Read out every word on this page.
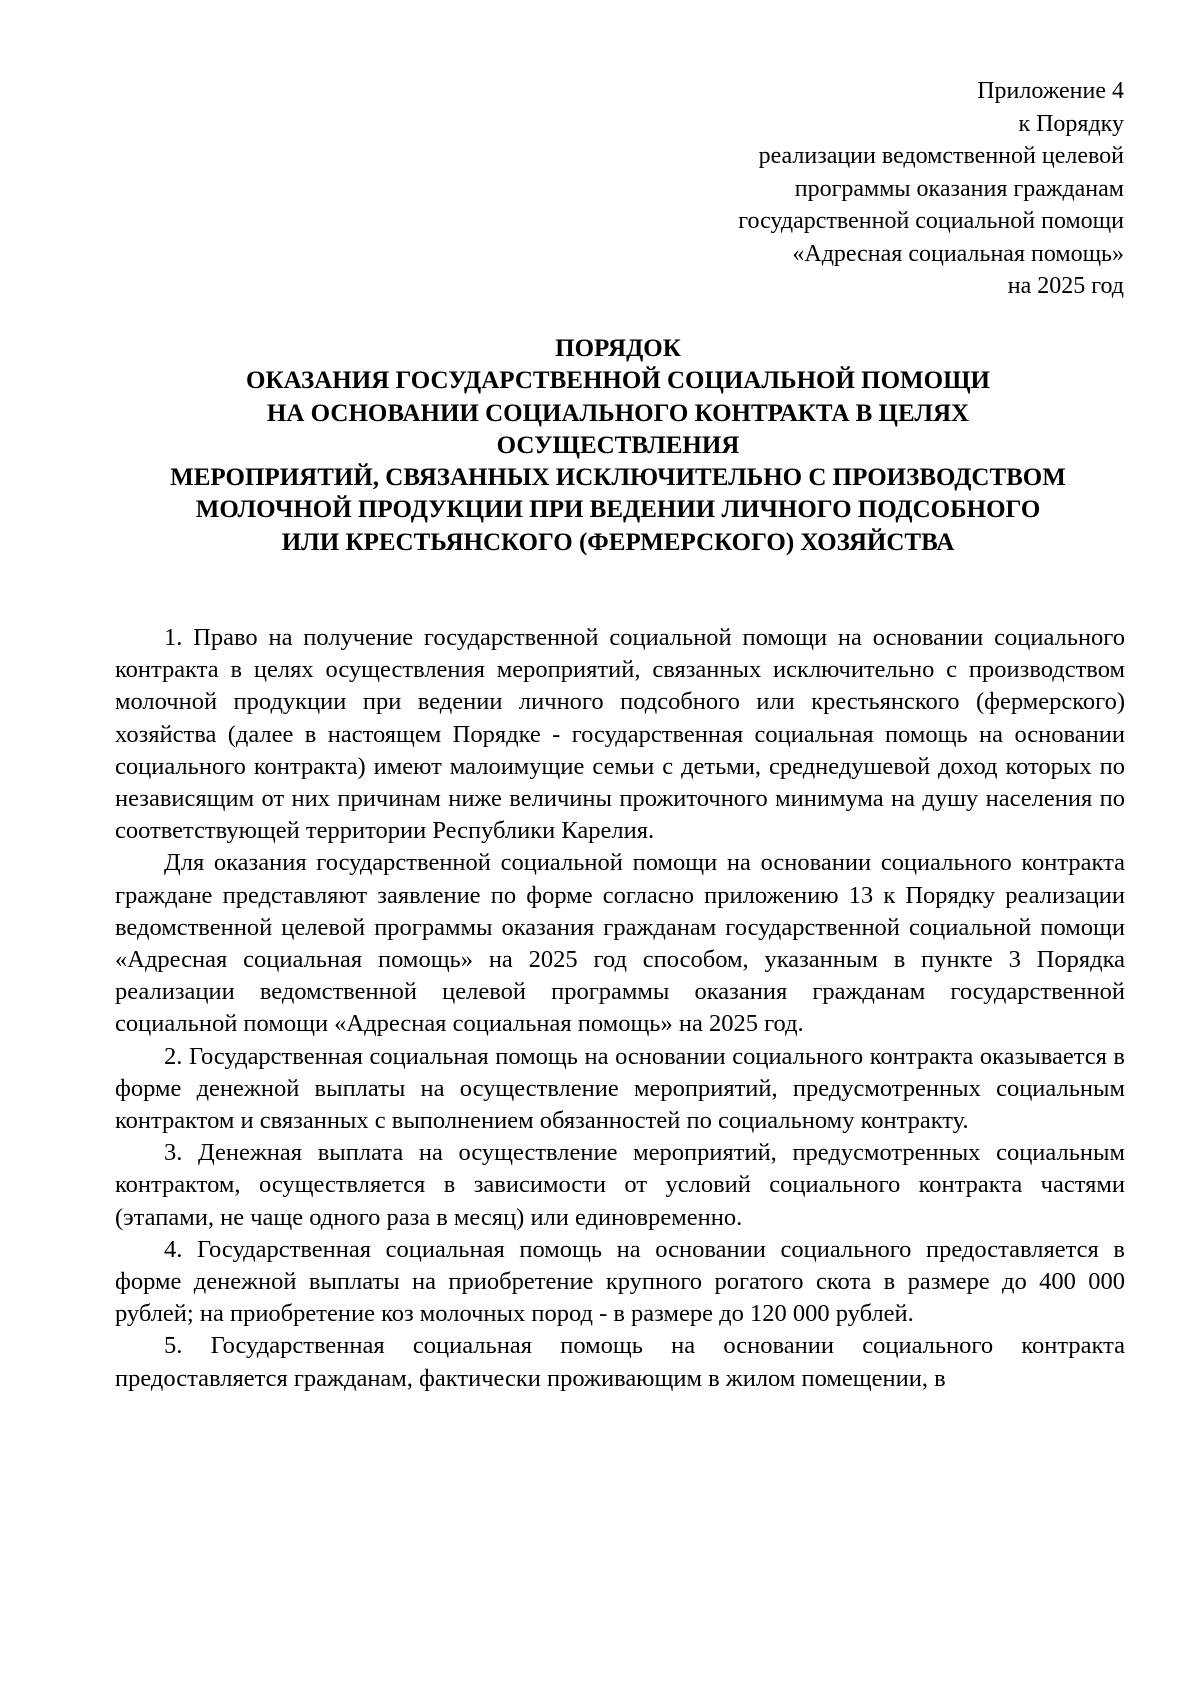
Приложение 4
к Порядку
реализации ведомственной целевой
программы оказания гражданам
государственной социальной помощи
«Адресная социальная помощь»
на 2025 год
ПОРЯДОК
ОКАЗАНИЯ ГОСУДАРСТВЕННОЙ СОЦИАЛЬНОЙ ПОМОЩИ
НА ОСНОВАНИИ СОЦИАЛЬНОГО КОНТРАКТА В ЦЕЛЯХ
ОСУЩЕСТВЛЕНИЯ
МЕРОПРИЯТИЙ, СВЯЗАННЫХ ИСКЛЮЧИТЕЛЬНО С ПРОИЗВОДСТВОМ
МОЛОЧНОЙ ПРОДУКЦИИ ПРИ ВЕДЕНИИ ЛИЧНОГО ПОДСОБНОГО
ИЛИ КРЕСТЬЯНСКОГО (ФЕРМЕРСКОГО) ХОЗЯЙСТВА

1. Право на получение государственной социальной помощи на основании социального контракта в целях осуществления мероприятий, связанных исключительно с производством молочной продукции при ведении личного подсобного или крестьянского (фермерского) хозяйства (далее в настоящем Порядке - государственная социальная помощь на основании социального контракта) имеют малоимущие семьи с детьми, среднедушевой доход которых по независящим от них причинам ниже величины прожиточного минимума на душу населения по соответствующей территории Республики Карелия.

Для оказания государственной социальной помощи на основании социального контракта граждане представляют заявление по форме согласно приложению 13 к Порядку реализации ведомственной целевой программы оказания гражданам государственной социальной помощи «Адресная социальная помощь» на 2025 год способом, указанным в пункте 3 Порядка реализации ведомственной целевой программы оказания гражданам государственной социальной помощи «Адресная социальная помощь» на 2025 год.

2. Государственная социальная помощь на основании социального контракта оказывается в форме денежной выплаты на осуществление мероприятий, предусмотренных социальным контрактом и связанных с выполнением обязанностей по социальному контракту.

3. Денежная выплата на осуществление мероприятий, предусмотренных социальным контрактом, осуществляется в зависимости от условий социального контракта частями (этапами, не чаще одного раза в месяц) или единовременно.

4. Государственная социальная помощь на основании социального предоставляется в форме денежной выплаты на приобретение крупного рогатого скота в размере до 400 000 рублей; на приобретение коз молочных пород - в размере до 120 000 рублей.

5. Государственная социальная помощь на основании социального контракта предоставляется гражданам, фактически проживающим в жилом помещении, в
